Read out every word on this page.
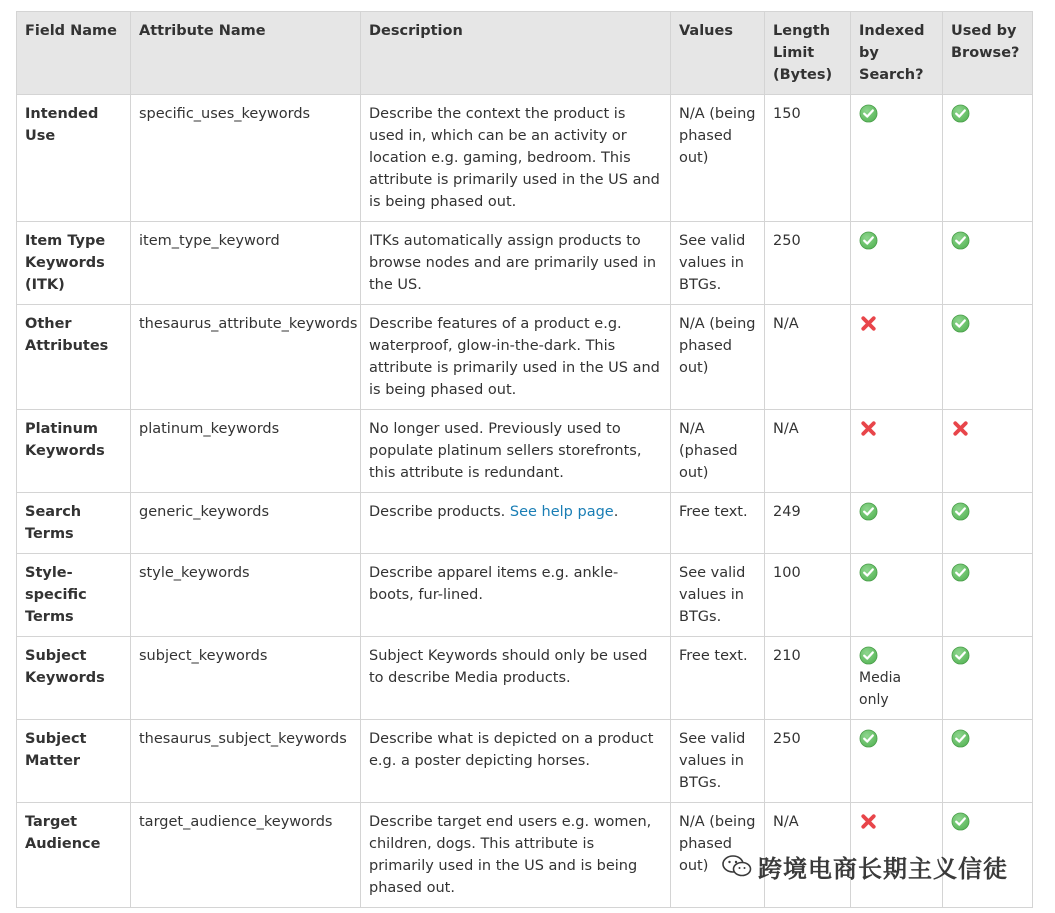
Field Name	Attribute Name	Description	Values	Length Limit (Bytes)	Indexed by Search?	Used by Browse?
Intended Use	specific_uses_keywords	Describe the context the product is used in, which can be an activity or location e.g. gaming, bedroom. This attribute is primarily used in the US and is being phased out.	N/A (being phased out)	150		
Item Type Keywords (ITK)	item_type_keyword	ITKs automatically assign products to browse nodes and are primarily used in the US.	See valid values in BTGs.	250		
Other Attributes	thesaurus_attribute_keywords	Describe features of a product e.g. waterproof, glow-in-the-dark. This attribute is primarily used in the US and is being phased out.	N/A (being phased out)	N/A		
Platinum Keywords	platinum_keywords	No longer used. Previously used to populate platinum sellers storefronts, this attribute is redundant.	N/A (phased out)	N/A		
Search Terms	generic_keywords	Describe products. See help page.	Free text.	249		
Style-specific Terms	style_keywords	Describe apparel items e.g. ankle-boots, fur-lined.	See valid values in BTGs.	100		
Subject Keywords	subject_keywords	Subject Keywords should only be used to describe Media products.	Free text.	210	Media only

Subject Matter	thesaurus_subject_keywords	Describe what is depicted on a product e.g. a poster depicting horses.	See valid values in BTGs.	250		
Target Audience	target_audience_keywords	Describe target end users e.g. women, children, dogs. This attribute is primarily used in the US and is being phased out.	N/A (being phased out)	N/A		
跨境电商长期主义信徒
